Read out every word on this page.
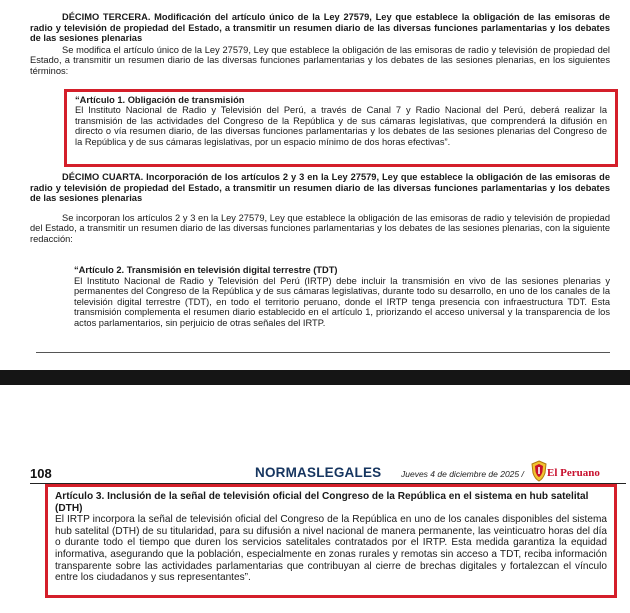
DÉCIMO TERCERA. Modificación del artículo único de la Ley 27579, Ley que establece la obligación de las emisoras de radio y televisión de propiedad del Estado, a transmitir un resumen diario de las diversas funciones parlamentarias y los debates de las sesiones plenarias

Se modifica el artículo único de la Ley 27579, Ley que establece la obligación de las emisoras de radio y televisión de propiedad del Estado, a transmitir un resumen diario de las diversas funciones parlamentarias y los debates de las sesiones plenarias, en los siguientes términos:

“Artículo 1. Obligación de transmisión

El Instituto Nacional de Radio y Televisión del Perú, a través de Canal 7 y Radio Nacional del Perú, deberá realizar la transmisión de las actividades del Congreso de la República y de sus cámaras legislativas, que comprenderá la difusión en directo o vía resumen diario, de las diversas funciones parlamentarias y los debates de las sesiones plenarias del Congreso de la República y de sus cámaras legislativas, por un espacio mínimo de dos horas efectivas”.

DÉCIMO CUARTA. Incorporación de los artículos 2 y 3 en la Ley 27579, Ley que establece la obligación de las emisoras de radio y televisión de propiedad del Estado, a transmitir un resumen diario de las diversas funciones parlamentarias y los debates de las sesiones plenarias

Se incorporan los artículos 2 y 3 en la Ley 27579, Ley que establece la obligación de las emisoras de radio y televisión de propiedad del Estado, a transmitir un resumen diario de las diversas funciones parlamentarias y los debates de las sesiones plenarias, con la siguiente redacción:

“Artículo 2. Transmisión en televisión digital terrestre (TDT)

El Instituto Nacional de Radio y Televisión del Perú (IRTP) debe incluir la transmisión en vivo de las sesiones plenarias y permanentes del Congreso de la República y de sus cámaras legislativas, durante todo su desarrollo, en uno de los canales de la televisión digital terrestre (TDT), en todo el territorio peruano, donde el IRTP tenga presencia con infraestructura TDT. Esta transmisión complementa el resumen diario establecido en el artículo 1, priorizando el acceso universal y la transparencia de los actos parlamentarios, sin perjuicio de otras señales del IRTP.

108	NORMASLEGALES Jueves 4 de diciembre de 2025 / El Peruano

Artículo 3. Inclusión de la señal de televisión oficial del Congreso de la República en el sistema en hub satelital (DTH)

El IRTP incorpora la señal de televisión oficial del Congreso de la República en uno de los canales disponibles del sistema hub satelital (DTH) de su titularidad, para su difusión a nivel nacional de manera permanente, las veinticuatro horas del día o durante todo el tiempo que duren los servicios satelitales contratados por el IRTP. Esta medida garantiza la equidad informativa, asegurando que la población, especialmente en zonas rurales y remotas sin acceso a TDT, reciba información transparente sobre las actividades parlamentarias que contribuyan al cierre de brechas digitales y fortalezcan el vínculo entre los ciudadanos y sus representantes”.
